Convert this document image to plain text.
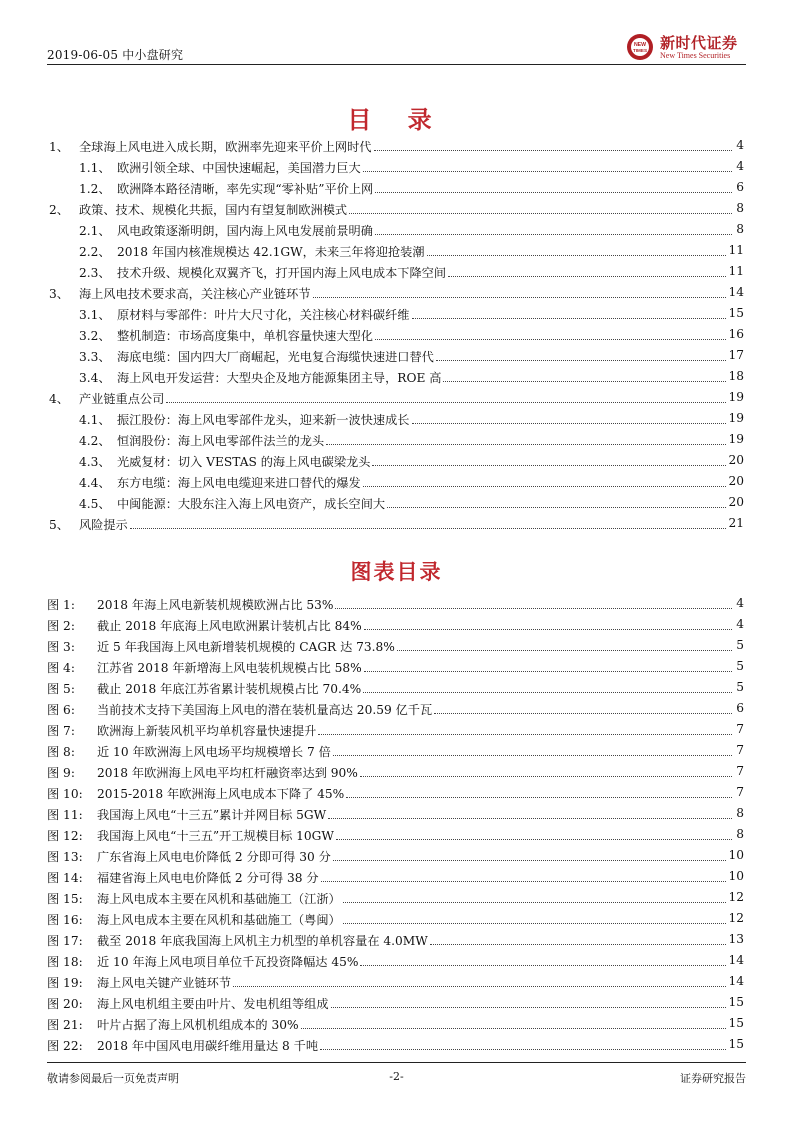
2019-06-05 中小盘研究
NEW
TIMES 新时代证券
New Times Securities
目 录
1、 全球海上风电进入成长期，欧洲率先迎来平价上网时代	4
1.1、 欧洲引领全球、中国快速崛起，美国潜力巨大	4
1.2、 欧洲降本路径清晰，率先实现“零补贴”平价上网	6
2、 政策、技术、规模化共振，国内有望复制欧洲模式	8
2.1、 风电政策逐渐明朗，国内海上风电发展前景明确	8
2.2、 2018 年国内核准规模达 42.1GW，未来三年将迎抢装潮	11
2.3、 技术升级、规模化双翼齐飞，打开国内海上风电成本下降空间	11
3、 海上风电技术要求高，关注核心产业链环节	14
3.1、 原材料与零部件：叶片大尺寸化，关注核心材料碳纤维	15
3.2、 整机制造：市场高度集中，单机容量快速大型化	16
3.3、 海底电缆：国内四大厂商崛起，光电复合海缆快速进口替代	17
3.4、 海上风电开发运营：大型央企及地方能源集团主导，ROE 高	18
4、 产业链重点公司	19
4.1、 振江股份：海上风电零部件龙头，迎来新一波快速成长	19
4.2、 恒润股份：海上风电零部件法兰的龙头	19
4.3、 光威复材：切入 VESTAS 的海上风电碳梁龙头	20
4.4、 东方电缆：海上风电电缆迎来进口替代的爆发	20
4.5、 中闽能源：大股东注入海上风电资产，成长空间大	20
5、 风险提示	21
图表目录
图 1: 2018 年海上风电新装机规模欧洲占比 53%	4
图 2: 截止 2018 年底海上风电欧洲累计装机占比 84%	4
图 3: 近 5 年我国海上风电新增装机规模的 CAGR 达 73.8%	5
图 4: 江苏省 2018 年新增海上风电装机规模占比 58%	5
图 5: 截止 2018 年底江苏省累计装机规模占比 70.4%	5
图 6: 当前技术支持下美国海上风电的潜在装机量高达 20.59 亿千瓦	6
图 7: 欧洲海上新装风机平均单机容量快速提升	7
图 8: 近 10 年欧洲海上风电场平均规模增长 7 倍	7
图 9: 2018 年欧洲海上风电平均杠杆融资率达到 90%	7
图 10: 2015-2018 年欧洲海上风电成本下降了 45%	7
图 11: 我国海上风电“十三五”累计并网目标 5GW	8
图 12: 我国海上风电“十三五”开工规模目标 10GW	8
图 13: 广东省海上风电电价降低 2 分即可得 30 分	10
图 14: 福建省海上风电电价降低 2 分可得 38 分	10
图 15: 海上风电成本主要在风机和基础施工（江浙）	12
图 16: 海上风电成本主要在风机和基础施工（粤闽）	12
图 17: 截至 2018 年底我国海上风机主力机型的单机容量在 4.0MW	13
图 18: 近 10 年海上风电项目单位千瓦投资降幅达 45%	14
图 19: 海上风电关键产业链环节	14
图 20: 海上风电机组主要由叶片、发电机组等组成	15
图 21: 叶片占据了海上风机机组成本的 30%	15
图 22: 2018 年中国风电用碳纤维用量达 8 千吨	15
敬请参阅最后一页免责声明	-2-	证券研究报告
